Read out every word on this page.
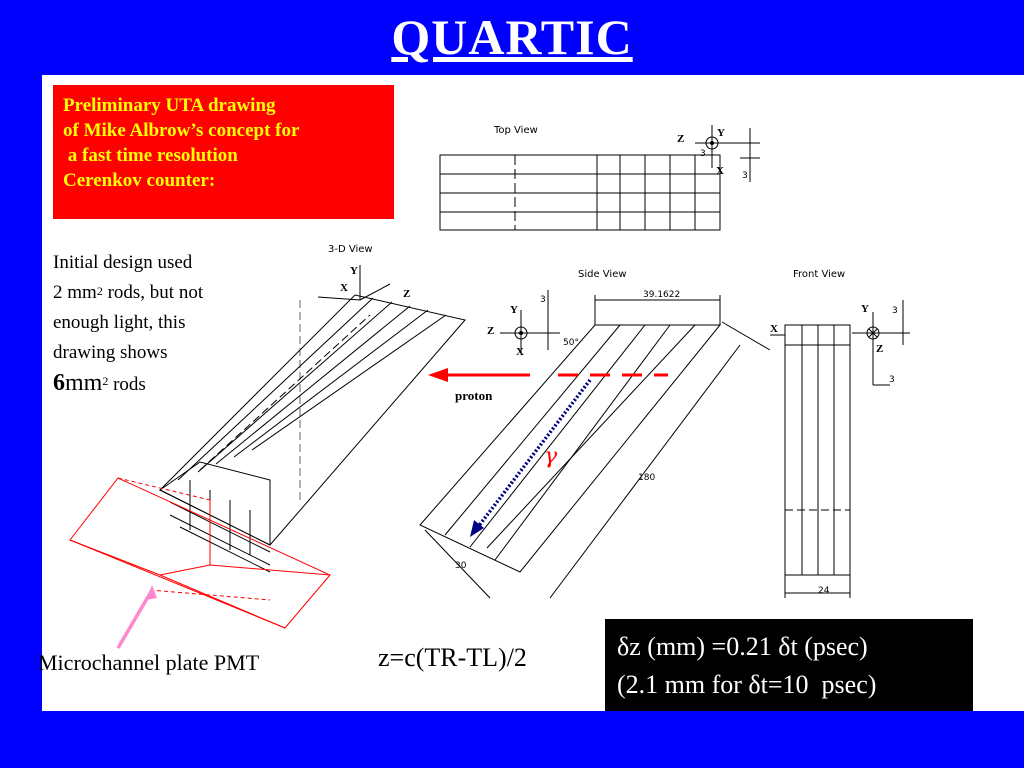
QUARTIC
Top View
Z	Y
X
3
3
3-D View
Y
X	Z
Side View
Y
Z
X
3	39.1622
50°
180
30
proton
γ
Front View
Y
X
Z
3
3
24
Preliminary UTA drawing
of Mike Albrow’s concept for
a fast time resolution
Cerenkov counter:
Initial design used
2 $mm^2$ rods, but not
enough light, this
drawing shows
$6mm^2$ rods
Microchannel plate PMT	z=c(TR-TL)/2	δz (mm) =0.21 δt (psec)
(2.1 mm for δt=10  psec)
